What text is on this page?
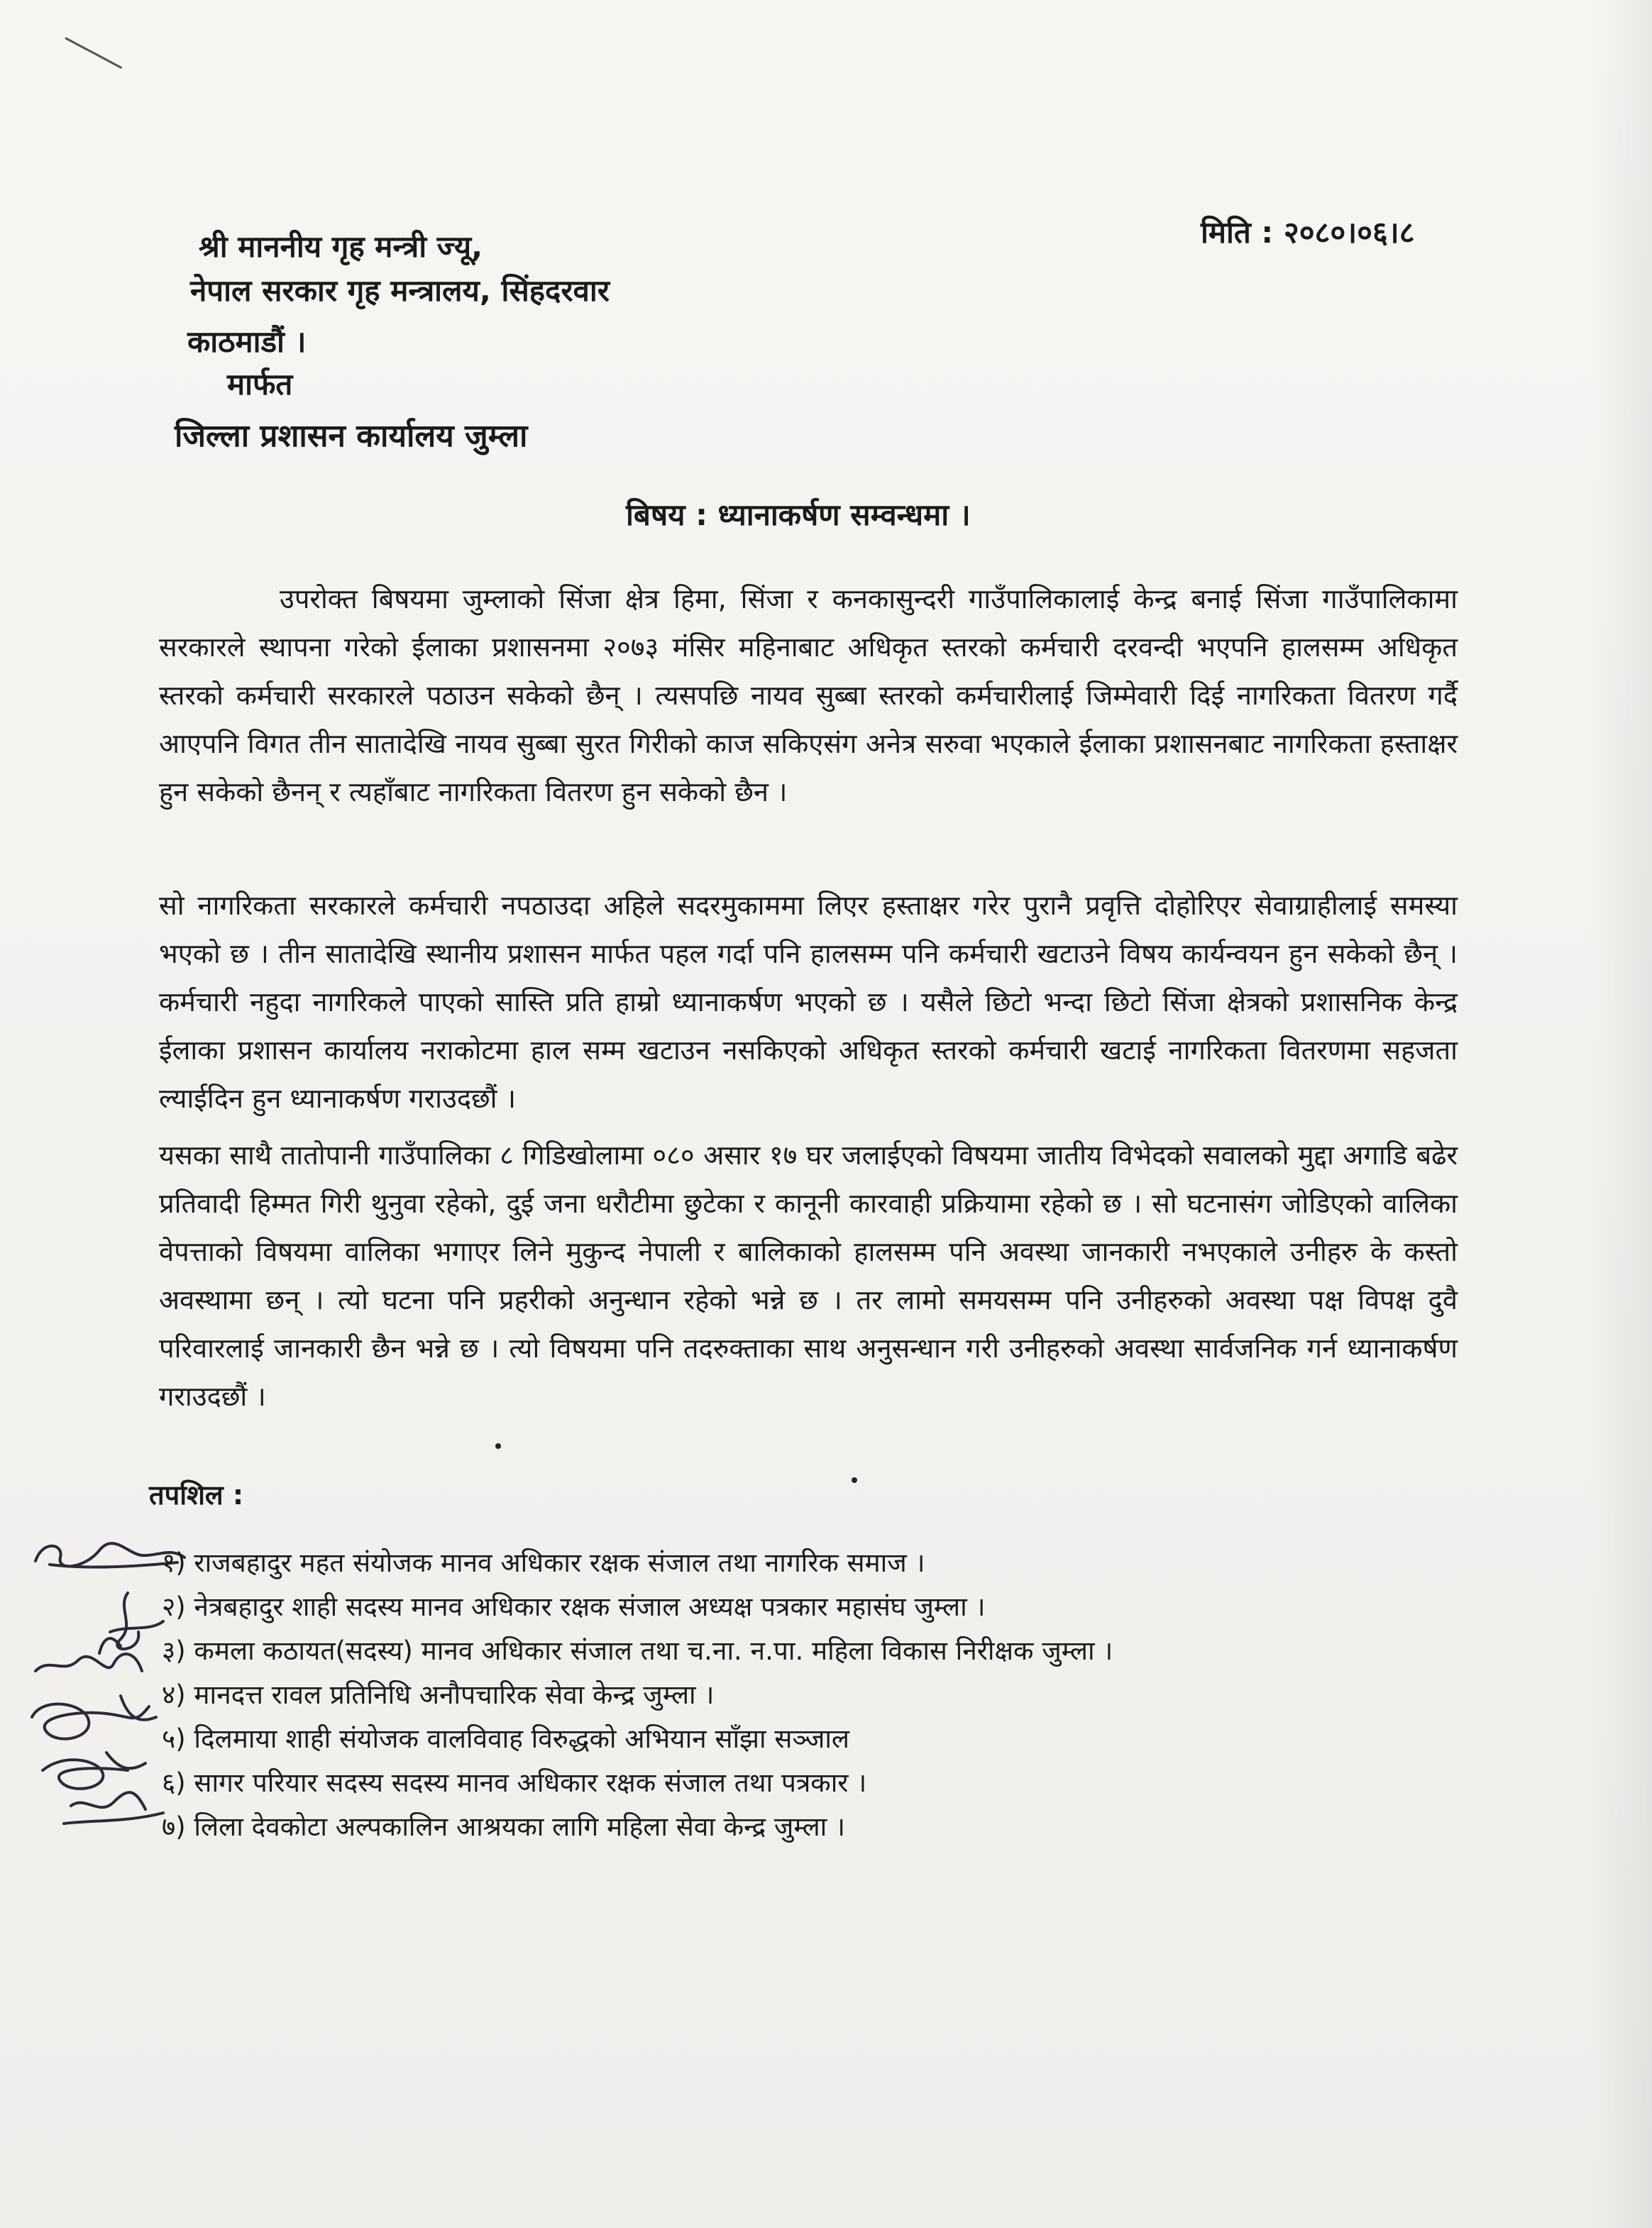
मिति : २०८०।०६।८
श्री माननीय गृह मन्त्री ज्यू,
नेपाल सरकार गृह मन्त्रालय, सिंहदरवार
काठमाडौं ।
मार्फत
जिल्ला प्रशासन कार्यालय जुम्ला
बिषय : ध्यानाकर्षण सम्वन्धमा ।

उपरोक्त बिषयमा जुम्लाको सिंजा क्षेत्र हिमा, सिंजा र कनकासुन्दरी गाउँपालिकालाई केन्द्र बनाई सिंजा गाउँपालिकामा सरकारले स्थापना गरेको ईलाका प्रशासनमा २०७३ मंसिर महिनाबाट अधिकृत स्तरको कर्मचारी दरवन्दी भएपनि हालसम्म अधिकृत स्तरको कर्मचारी सरकारले पठाउन सकेको छैन् । त्यसपछि नायव सुब्बा स्तरको कर्मचारीलाई जिम्मेवारी दिई नागरिकता वितरण गर्दै आएपनि विगत तीन सातादेखि नायव सुब्बा सुरत गिरीको काज सकिएसंग अनेत्र सरुवा भएकाले ईलाका प्रशासनबाट नागरिकता हस्ताक्षर हुन सकेको छैनन् र त्यहाँबाट नागरिकता वितरण हुन सकेको छैन ।

सो नागरिकता सरकारले कर्मचारी नपठाउदा अहिले सदरमुकाममा लिएर हस्ताक्षर गरेर पुरानै प्रवृत्ति दोहोरिएर सेवाग्राहीलाई समस्या भएको छ । तीन सातादेखि स्थानीय प्रशासन मार्फत पहल गर्दा पनि हालसम्म पनि कर्मचारी खटाउने विषय कार्यन्वयन हुन सकेको छैन् । कर्मचारी नहुदा नागरिकले पाएको सास्ति प्रति हाम्रो ध्यानाकर्षण भएको छ । यसैले छिटो भन्दा छिटो सिंजा क्षेत्रको प्रशासनिक केन्द्र ईलाका प्रशासन कार्यालय नराकोटमा हाल सम्म खटाउन नसकिएको अधिकृत स्तरको कर्मचारी खटाई नागरिकता वितरणमा सहजता ल्याईदिन हुन ध्यानाकर्षण गराउदछौं ।

यसका साथै तातोपानी गाउँपालिका ८ गिडिखोलामा ०८० असार १७ घर जलाईएको विषयमा जातीय विभेदको सवालको मुद्दा अगाडि बढेर प्रतिवादी हिम्मत गिरी थुनुवा रहेको, दुई जना धरौटीमा छुटेका र कानूनी कारवाही प्रक्रियामा रहेको छ । सो घटनासंग जोडिएको वालिका वेपत्ताको विषयमा वालिका भगाएर लिने मुकुन्द नेपाली र बालिकाको हालसम्म पनि अवस्था जानकारी नभएकाले उनीहरु के कस्तो अवस्थामा छन् । त्यो घटना पनि प्रहरीको अनुन्धान रहेको भन्ने छ । तर लामो समयसम्म पनि उनीहरुको अवस्था पक्ष विपक्ष दुवै परिवारलाई जानकारी छैन भन्ने छ । त्यो विषयमा पनि तदरुक्ताका साथ अनुसन्धान गरी उनीहरुको अवस्था सार्वजनिक गर्न ध्यानाकर्षण गराउदछौं ।

तपशिल :
१) राजबहादुर महत संयोजक मानव अधिकार रक्षक संजाल तथा नागरिक समाज ।
२) नेत्रबहादुर शाही सदस्य मानव अधिकार रक्षक संजाल अध्यक्ष पत्रकार महासंघ जुम्ला ।
३) कमला कठायत(सदस्य) मानव अधिकार संजाल तथा च.ना. न.पा. महिला विकास निरीक्षक जुम्ला ।
४) मानदत्त रावल प्रतिनिधि अनौपचारिक सेवा केन्द्र जुम्ला ।
५) दिलमाया शाही संयोजक वालविवाह विरुद्धको अभियान साँझा सञ्जाल
६) सागर परियार सदस्य सदस्य मानव अधिकार रक्षक संजाल तथा पत्रकार ।
७) लिला देवकोटा अल्पकालिन आश्रयका लागि महिला सेवा केन्द्र जुम्ला ।
